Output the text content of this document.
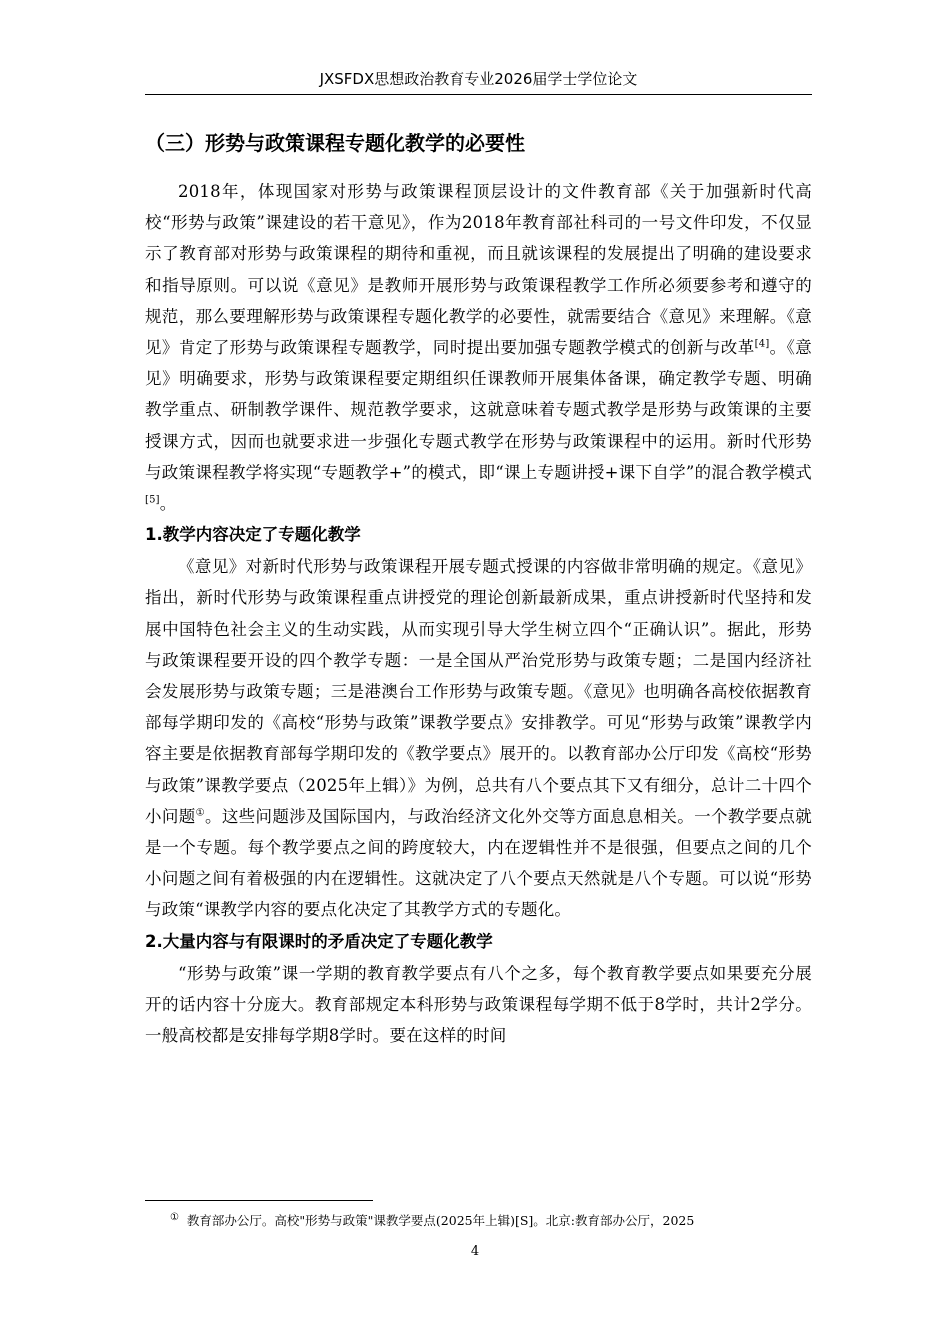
JXSFDX思想政治教育专业2026届学士学位论文
（三）形势与政策课程专题化教学的必要性

2018年，体现国家对形势与政策课程顶层设计的文件教育部《关于加强新时代高校“形势与政策”课建设的若干意见》，作为2018年教育部社科司的一号文件印发，不仅显示了教育部对形势与政策课程的期待和重视，而且就该课程的发展提出了明确的建设要求和指导原则。可以说《意见》是教师开展形势与政策课程教学工作所必须要参考和遵守的规范，那么要理解形势与政策课程专题化教学的必要性，就需要结合《意见》来理解。《意见》肯定了形势与政策课程专题教学，同时提出要加强专题教学模式的创新与改革[4]。《意见》明确要求，形势与政策课程要定期组织任课教师开展集体备课，确定教学专题、明确教学重点、研制教学课件、规范教学要求，这就意味着专题式教学是形势与政策课的主要授课方式，因而也就要求进一步强化专题式教学在形势与政策课程中的运用。新时代形势与政策课程教学将实现“专题教学+”的模式，即“课上专题讲授+课下自学”的混合教学模式[5]。

1.教学内容决定了专题化教学

《意见》对新时代形势与政策课程开展专题式授课的内容做非常明确的规定。《意见》指出，新时代形势与政策课程重点讲授党的理论创新最新成果，重点讲授新时代坚持和发展中国特色社会主义的生动实践，从而实现引导大学生树立四个“正确认识”。据此，形势与政策课程要开设的四个教学专题：一是全国从严治党形势与政策专题；二是国内经济社会发展形势与政策专题；三是港澳台工作形势与政策专题。《意见》也明确各高校依据教育部每学期印发的《高校“形势与政策”课教学要点》安排教学。可见“形势与政策”课教学内容主要是依据教育部每学期印发的《教学要点》展开的。以教育部办公厅印发《高校“形势与政策”课教学要点（2025年上辑）》为例，总共有八个要点其下又有细分，总计二十四个小问题①。这些问题涉及国际国内，与政治经济文化外交等方面息息相关。一个教学要点就是一个专题。每个教学要点之间的跨度较大，内在逻辑性并不是很强，但要点之间的几个小问题之间有着极强的内在逻辑性。这就决定了八个要点天然就是八个专题。可以说“形势与政策“课教学内容的要点化决定了其教学方式的专题化。

2.大量内容与有限课时的矛盾决定了专题化教学

“形势与政策”课一学期的教育教学要点有八个之多，每个教育教学要点如果要充分展开的话内容十分庞大。教育部规定本科形势与政策课程每学期不低于8学时，共计2学分。一般高校都是安排每学期8学时。要在这样的时间

① 教育部办公厅。高校"形势与政策"课教学要点(2025年上辑)[S]。北京:教育部办公厅，2025
4
